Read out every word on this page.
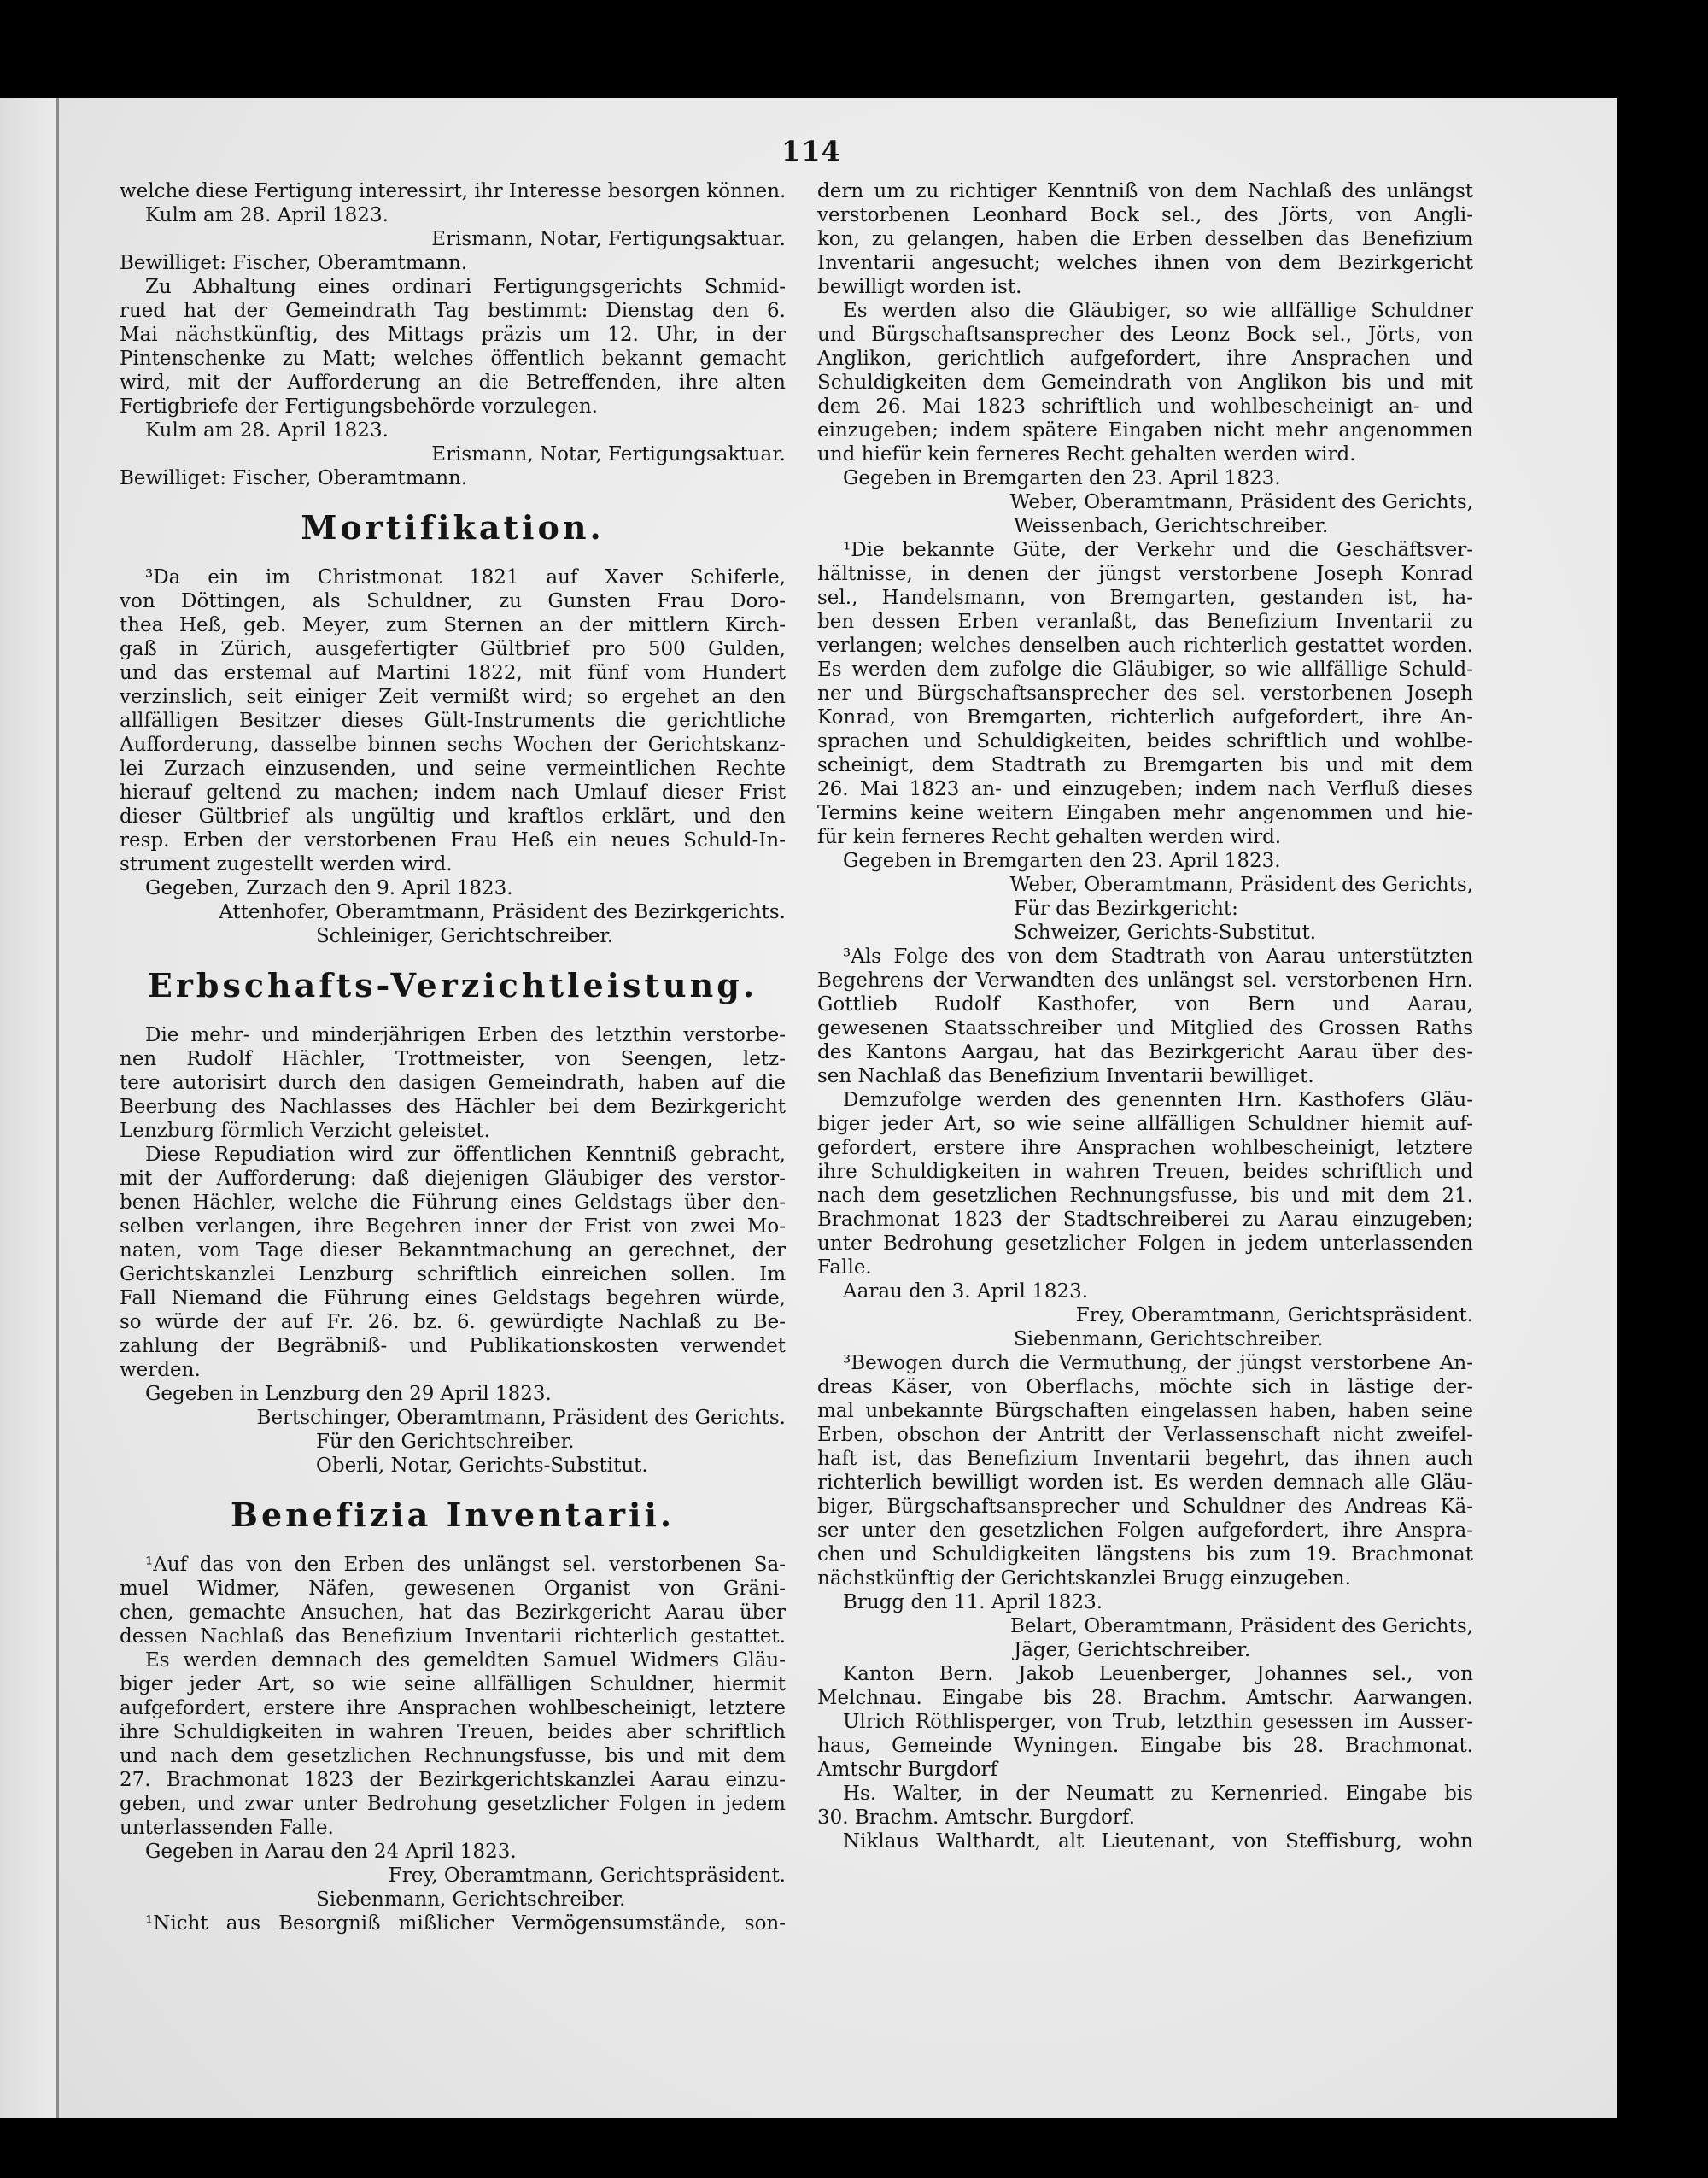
114
welche diese Fertigung interessirt, ihr Interesse besorgen können.
Kulm am 28. April 1823.
Erismann, Notar, Fertigungsaktuar.
Bewilliget: Fischer, Oberamtmann.
Zu Abhaltung eines ordinari Fertigungsgerichts Schmid-
rued hat der Gemeindrath Tag bestimmt: Dienstag den 6.
Mai nächstkünftig, des Mittags präzis um 12. Uhr, in der
Pintenschenke zu Matt; welches öffentlich bekannt gemacht
wird, mit der Aufforderung an die Betreffenden, ihre alten
Fertigbriefe der Fertigungsbehörde vorzulegen.
Kulm am 28. April 1823.
Erismann, Notar, Fertigungsaktuar.
Bewilliget: Fischer, Oberamtmann.
Mortifikation.
³Da ein im Christmonat 1821 auf Xaver Schiferle,
von Döttingen, als Schuldner, zu Gunsten Frau Doro-
thea Heß, geb. Meyer, zum Sternen an der mittlern Kirch-
gaß in Zürich, ausgefertigter Gültbrief pro 500 Gulden,
und das erstemal auf Martini 1822, mit fünf vom Hundert
verzinslich, seit einiger Zeit vermißt wird; so ergehet an den
allfälligen Besitzer dieses Gült-Instruments die gerichtliche
Aufforderung, dasselbe binnen sechs Wochen der Gerichtskanz-
lei Zurzach einzusenden, und seine vermeintlichen Rechte
hierauf geltend zu machen; indem nach Umlauf dieser Frist
dieser Gültbrief als ungültig und kraftlos erklärt, und den
resp. Erben der verstorbenen Frau Heß ein neues Schuld-In-
strument zugestellt werden wird.
Gegeben, Zurzach den 9. April 1823.
Attenhofer, Oberamtmann, Präsident des Bezirkgerichts.
Schleiniger, Gerichtschreiber.
Erbschafts-Verzichtleistung.
Die mehr- und minderjährigen Erben des letzthin verstorbe-
nen Rudolf Hächler, Trottmeister, von Seengen, letz-
tere autorisirt durch den dasigen Gemeindrath, haben auf die
Beerbung des Nachlasses des Hächler bei dem Bezirkgericht
Lenzburg förmlich Verzicht geleistet.
Diese Repudiation wird zur öffentlichen Kenntniß gebracht,
mit der Aufforderung: daß diejenigen Gläubiger des verstor-
benen Hächler, welche die Führung eines Geldstags über den-
selben verlangen, ihre Begehren inner der Frist von zwei Mo-
naten, vom Tage dieser Bekanntmachung an gerechnet, der
Gerichtskanzlei Lenzburg schriftlich einreichen sollen. Im
Fall Niemand die Führung eines Geldstags begehren würde,
so würde der auf Fr. 26. bz. 6. gewürdigte Nachlaß zu Be-
zahlung der Begräbniß- und Publikationskosten verwendet
werden.
Gegeben in Lenzburg den 29 April 1823.
Bertschinger, Oberamtmann, Präsident des Gerichts.
Für den Gerichtschreiber.
Oberli, Notar, Gerichts-Substitut.
Benefizia Inventarii.
¹Auf das von den Erben des unlängst sel. verstorbenen Sa-
muel Widmer, Näfen, gewesenen Organist von Gräni-
chen, gemachte Ansuchen, hat das Bezirkgericht Aarau über
dessen Nachlaß das Benefizium Inventarii richterlich gestattet.
Es werden demnach des gemeldten Samuel Widmers Gläu-
biger jeder Art, so wie seine allfälligen Schuldner, hiermit
aufgefordert, erstere ihre Ansprachen wohlbescheinigt, letztere
ihre Schuldigkeiten in wahren Treuen, beides aber schriftlich
und nach dem gesetzlichen Rechnungsfusse, bis und mit dem
27. Brachmonat 1823 der Bezirkgerichtskanzlei Aarau einzu-
geben, und zwar unter Bedrohung gesetzlicher Folgen in jedem
unterlassenden Falle.
Gegeben in Aarau den 24 April 1823.
Frey, Oberamtmann, Gerichtspräsident.
Siebenmann, Gerichtschreiber.
¹Nicht aus Besorgniß mißlicher Vermögensumstände, son-
dern um zu richtiger Kenntniß von dem Nachlaß des unlängst
verstorbenen Leonhard Bock sel., des Jörts, von Angli-
kon, zu gelangen, haben die Erben desselben das Benefizium
Inventarii angesucht; welches ihnen von dem Bezirkgericht
bewilligt worden ist.
Es werden also die Gläubiger, so wie allfällige Schuldner
und Bürgschaftsansprecher des Leonz Bock sel., Jörts, von
Anglikon, gerichtlich aufgefordert, ihre Ansprachen und
Schuldigkeiten dem Gemeindrath von Anglikon bis und mit
dem 26. Mai 1823 schriftlich und wohlbescheinigt an- und
einzugeben; indem spätere Eingaben nicht mehr angenommen
und hiefür kein ferneres Recht gehalten werden wird.
Gegeben in Bremgarten den 23. April 1823.
Weber, Oberamtmann, Präsident des Gerichts,
Weissenbach, Gerichtschreiber.
¹Die bekannte Güte, der Verkehr und die Geschäftsver-
hältnisse, in denen der jüngst verstorbene Joseph Konrad
sel., Handelsmann, von Bremgarten, gestanden ist, ha-
ben dessen Erben veranlaßt, das Benefizium Inventarii zu
verlangen; welches denselben auch richterlich gestattet worden.
Es werden dem zufolge die Gläubiger, so wie allfällige Schuld-
ner und Bürgschaftsansprecher des sel. verstorbenen Joseph
Konrad, von Bremgarten, richterlich aufgefordert, ihre An-
sprachen und Schuldigkeiten, beides schriftlich und wohlbe-
scheinigt, dem Stadtrath zu Bremgarten bis und mit dem
26. Mai 1823 an- und einzugeben; indem nach Verfluß dieses
Termins keine weitern Eingaben mehr angenommen und hie-
für kein ferneres Recht gehalten werden wird.
Gegeben in Bremgarten den 23. April 1823.
Weber, Oberamtmann, Präsident des Gerichts,
Für das Bezirkgericht:
Schweizer, Gerichts-Substitut.
³Als Folge des von dem Stadtrath von Aarau unterstützten
Begehrens der Verwandten des unlängst sel. verstorbenen Hrn.
Gottlieb Rudolf Kasthofer, von Bern und Aarau,
gewesenen Staatsschreiber und Mitglied des Grossen Raths
des Kantons Aargau, hat das Bezirkgericht Aarau über des-
sen Nachlaß das Benefizium Inventarii bewilliget.
Demzufolge werden des genennten Hrn. Kasthofers Gläu-
biger jeder Art, so wie seine allfälligen Schuldner hiemit auf-
gefordert, erstere ihre Ansprachen wohlbescheinigt, letztere
ihre Schuldigkeiten in wahren Treuen, beides schriftlich und
nach dem gesetzlichen Rechnungsfusse, bis und mit dem 21.
Brachmonat 1823 der Stadtschreiberei zu Aarau einzugeben;
unter Bedrohung gesetzlicher Folgen in jedem unterlassenden
Falle.
Aarau den 3. April 1823.
Frey, Oberamtmann, Gerichtspräsident.
Siebenmann, Gerichtschreiber.
³Bewogen durch die Vermuthung, der jüngst verstorbene An-
dreas Käser, von Oberflachs, möchte sich in lästige der-
mal unbekannte Bürgschaften eingelassen haben, haben seine
Erben, obschon der Antritt der Verlassenschaft nicht zweifel-
haft ist, das Benefizium Inventarii begehrt, das ihnen auch
richterlich bewilligt worden ist. Es werden demnach alle Gläu-
biger, Bürgschaftsansprecher und Schuldner des Andreas Kä-
ser unter den gesetzlichen Folgen aufgefordert, ihre Anspra-
chen und Schuldigkeiten längstens bis zum 19. Brachmonat
nächstkünftig der Gerichtskanzlei Brugg einzugeben.
Brugg den 11. April 1823.
Belart, Oberamtmann, Präsident des Gerichts,
Jäger, Gerichtschreiber.
Kanton Bern. Jakob Leuenberger, Johannes sel., von
Melchnau. Eingabe bis 28. Brachm. Amtschr. Aarwangen.
Ulrich Röthlisperger, von Trub, letzthin gesessen im Ausser-
haus, Gemeinde Wyningen. Eingabe bis 28. Brachmonat.
Amtschr Burgdorf
Hs. Walter, in der Neumatt zu Kernenried. Eingabe bis
30. Brachm. Amtschr. Burgdorf.
Niklaus Walthardt, alt Lieutenant, von Steffisburg, wohn
